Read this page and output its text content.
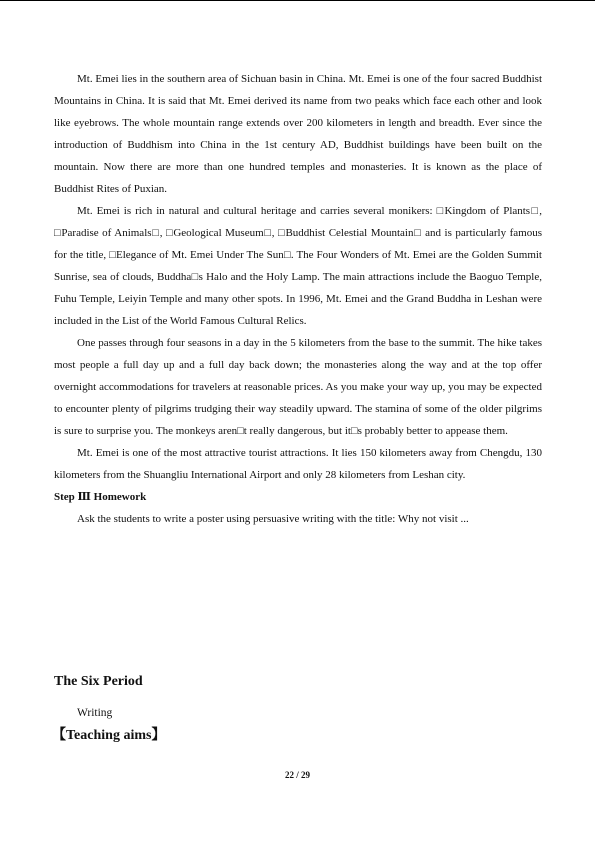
Mt. Emei lies in the southern area of Sichuan basin in China. Mt. Emei is one of the four sacred Buddhist Mountains in China. It is said that Mt. Emei derived its name from two peaks which face each other and look like eyebrows. The whole mountain range extends over 200 kilometers in length and breadth. Ever since the introduction of Buddhism into China in the 1st century AD, Buddhist buildings have been built on the mountain. Now there are more than one hundred temples and monasteries. It is known as the place of Buddhist Rites of Puxian.

Mt. Emei is rich in natural and cultural heritage and carries several monikers: □Kingdom of Plants□, □Paradise of Animals□, □Geological Museum□, □Buddhist Celestial Mountain□ and is particularly famous for the title, □Elegance of Mt. Emei Under The Sun□. The Four Wonders of Mt. Emei are the Golden Summit Sunrise, sea of clouds, Buddha□s Halo and the Holy Lamp. The main attractions include the Baoguo Temple, Fuhu Temple, Leiyin Temple and many other spots. In 1996, Mt. Emei and the Grand Buddha in Leshan were included in the List of the World Famous Cultural Relics.

One passes through four seasons in a day in the 5 kilometers from the base to the summit. The hike takes most people a full day up and a full day back down; the monasteries along the way and at the top offer overnight accommodations for travelers at reasonable prices. As you make your way up, you may be expected to encounter plenty of pilgrims trudging their way steadily upward. The stamina of some of the older pilgrims is sure to surprise you. The monkeys aren□t really dangerous, but it□s probably better to appease them.

Mt. Emei is one of the most attractive tourist attractions. It lies 150 kilometers away from Chengdu, 130 kilometers from the Shuangliu International Airport and only 28 kilometers from Leshan city.

Step Ⅲ Homework

Ask the students to write a poster using persuasive writing with the title: Why not visit ...

The Six Period

Writing

【Teaching aims】

22 / 29
